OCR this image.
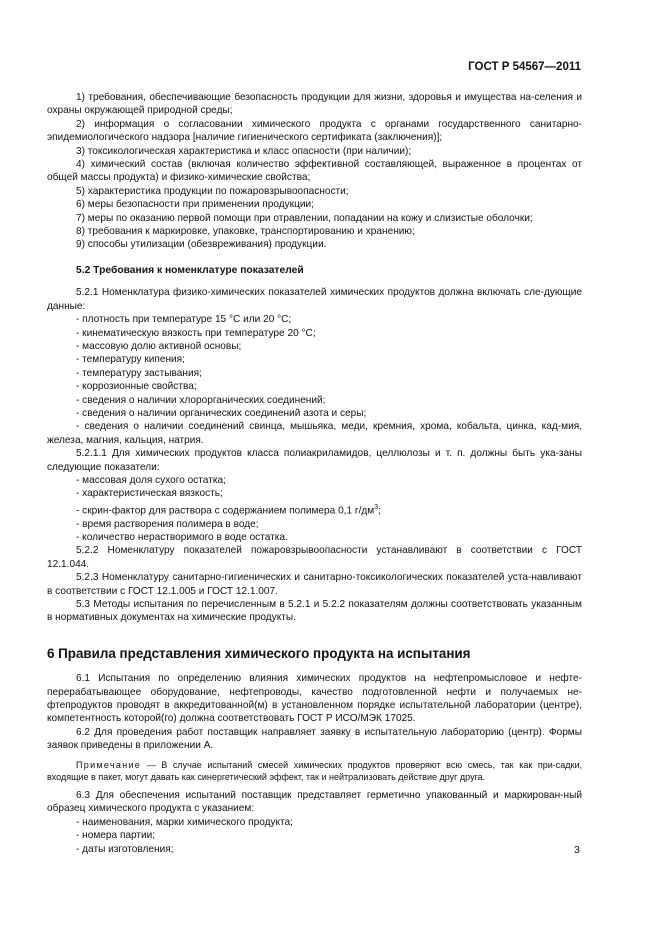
ГОСТ Р 54567—2011

1) требования, обеспечивающие безопасность продукции для жизни, здоровья и имущества на-селения и охраны окружающей природной среды;

2) информация о согласовании химического продукта с органами государственного санитарно-эпидемиологического надзора [наличие гигиенического сертификата (заключения)];

3) токсикологическая характеристика и класс опасности (при наличии);

4) химический состав (включая количество эффективной составляющей, выраженное в процентах от общей массы продукта) и физико-химические свойства;

5) характеристика продукции по пожаровзрывоопасности;

6) меры безопасности при применении продукции;

7) меры по оказанию первой помощи при отравлении, попадании на кожу и слизистые оболочки;

8) требования к маркировке, упаковке, транспортированию и хранению;

9) способы утилизации (обезвреживания) продукции.

5.2 Требования к номенклатуре показателей

5.2.1 Номенклатура физико-химических показателей химических продуктов должна включать сле-дующие данные:

- плотность при температуре 15 °С или 20 °С;

- кинематическую вязкость при температуре 20 °С;

- массовую долю активной основы;

- температуру кипения;

- температуру застывания;

- коррозионные свойства;

- сведения о наличии хлорорганических соединений;

- сведения о наличии органических соединений азота и серы;

- сведения о наличии соединений свинца, мышьяка, меди, кремния, хрома, кобальта, цинка, кад-мия, железа, магния, кальция, натрия.

5.2.1.1 Для химических продуктов класса полиакриламидов, целлюлозы и т. п. должны быть ука-заны следующие показатели:

- массовая доля сухого остатка;

- характеристическая вязкость;

- скрин-фактор для раствора с содержанием полимера 0,1 $г/дм^3$;

- время растворения полимера в воде;

- количество нерастворимого в воде остатка.

5.2.2 Номенклатуру показателей пожаровзрывоопасности устанавливают в соответствии с ГОСТ 12.1.044.

5.2.3 Номенклатуру санитарно-гигиенических и санитарно-токсикологических показателей уста-навливают в соответствии с ГОСТ 12.1.005 и ГОСТ 12.1.007.

5.3 Методы испытания по перечисленным в 5.2.1 и 5.2.2 показателям должны соответствовать указанным в нормативных документах на химические продукты.

6 Правила представления химического продукта на испытания

6.1 Испытания по определению влияния химических продуктов на нефтепромысловое и нефте-перерабатывающее оборудование, нефтепроводы, качество подготовленной нефти и получаемых не-фтепродуктов проводят в аккредитованной(м) в установленном порядке испытательной лаборатории (центре), компетентность которой(го) должна соответствовать ГОСТ Р ИСО/МЭК 17025.

6.2 Для проведения работ поставщик направляет заявку в испытательную лабораторию (центр). Формы заявок приведены в приложении А.

Примечание — В случае испытаний смесей химических продуктов проверяют всю смесь, так как при-садки, входящие в пакет, могут давать как синергетический эффект, так и нейтрализовать действие друг друга.

6.3 Для обеспечения испытаний поставщик представляет герметично упакованный и маркирован-ный образец химического продукта с указанием:

- наименования, марки химического продукта;

- номера партии;

- даты изготовления;	3
